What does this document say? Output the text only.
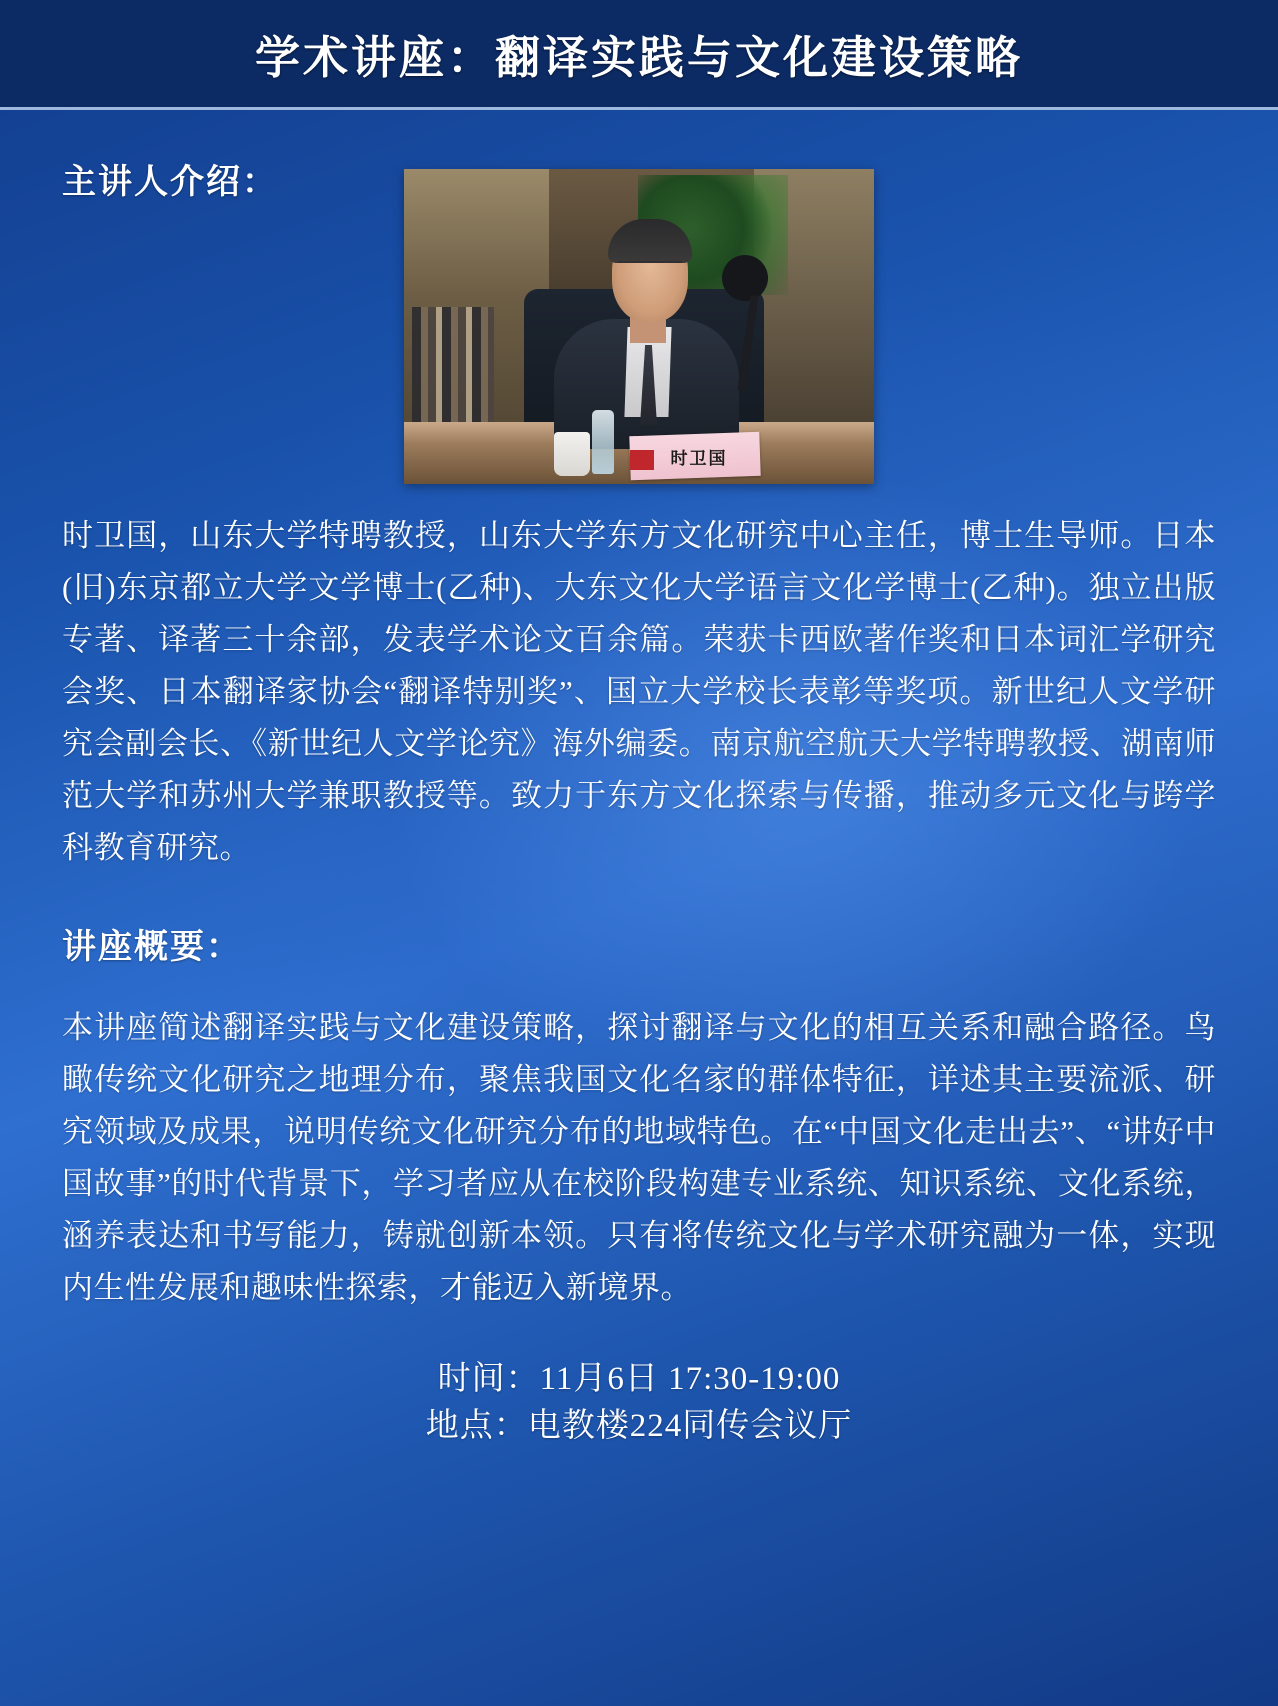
学术讲座：翻译实践与文化建设策略
主讲人介绍：
时卫国
时卫国，山东大学特聘教授，山东大学东方文化研究中心主任，博士生导师。日本(旧)东京都立大学文学博士(乙种)、大东文化大学语言文化学博士(乙种)。独立出版专著、译著三十余部，发表学术论文百余篇。荣获卡西欧著作奖和日本词汇学研究会奖、日本翻译家协会“翻译特别奖”、国立大学校长表彰等奖项。新世纪人文学研究会副会长、《新世纪人文学论究》海外编委。南京航空航天大学特聘教授、湖南师范大学和苏州大学兼职教授等。致力于东方文化探索与传播，推动多元文化与跨学科教育研究。
讲座概要：
本讲座简述翻译实践与文化建设策略，探讨翻译与文化的相互关系和融合路径。鸟瞰传统文化研究之地理分布，聚焦我国文化名家的群体特征，详述其主要流派、研究领域及成果，说明传统文化研究分布的地域特色。在“中国文化走出去”、“讲好中国故事”的时代背景下，学习者应从在校阶段构建专业系统、知识系统、文化系统，涵养表达和书写能力，铸就创新本领。只有将传统文化与学术研究融为一体，实现内生性发展和趣味性探索，才能迈入新境界。
时间：11月6日 17:30-19:00
地点：电教楼224同传会议厅
